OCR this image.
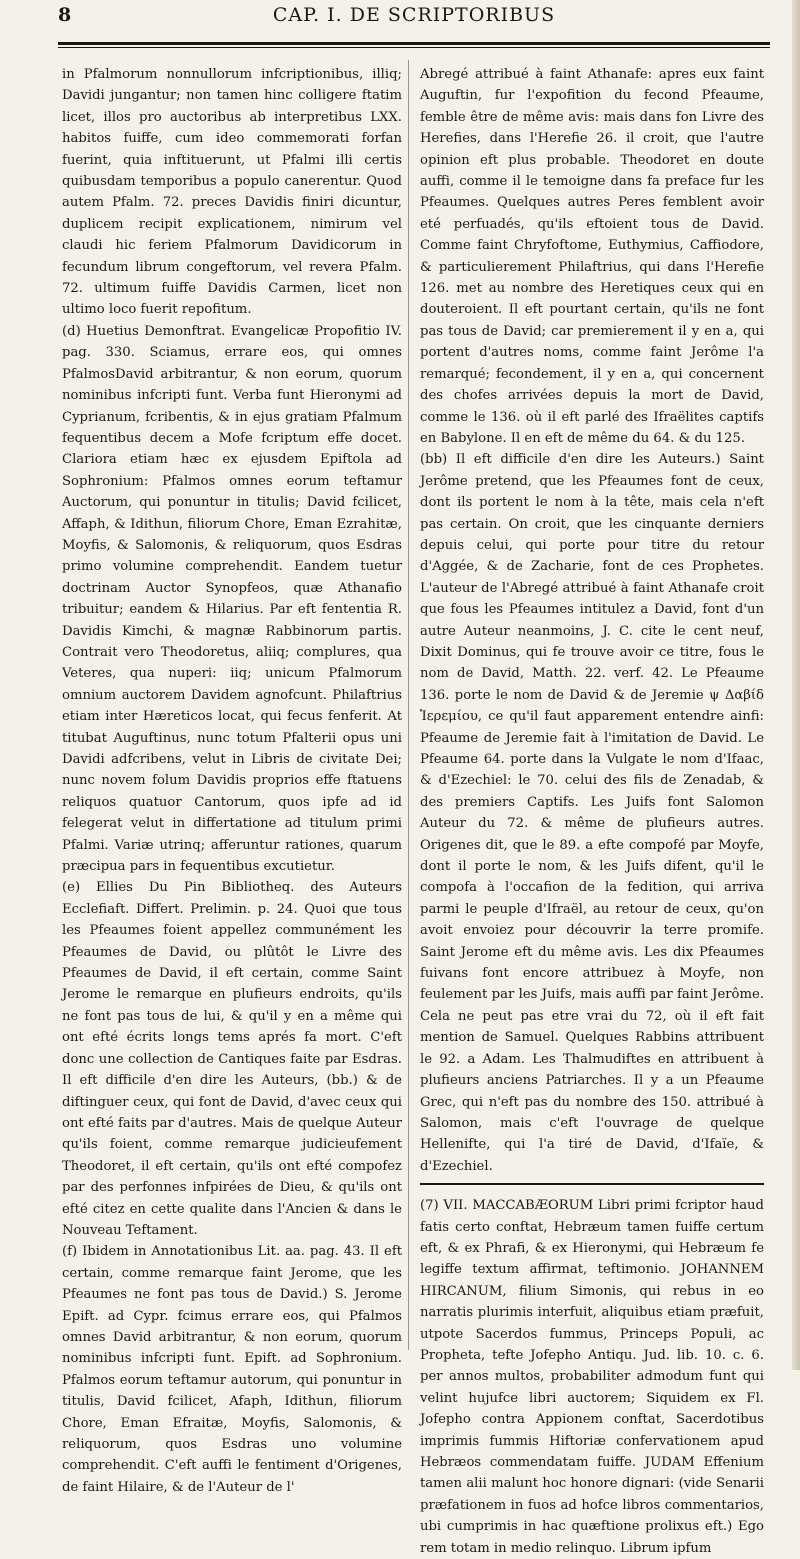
8	CAP. I. DE SCRIPTORIBUS

in Pfalmorum nonnullorum infcriptionibus, illiq; Davidi jungantur; non tamen hinc colligere ftatim licet, illos pro auctoribus ab interpretibus LXX. habitos fuiffe, cum ideo commemorati forfan fuerint, quia inftituerunt, ut Pfalmi illi certis quibusdam temporibus a populo canerentur. Quod autem Pfalm. 72. preces Davidis finiri dicuntur, duplicem recipit explicationem, nimirum vel claudi hic feriem Pfalmorum Davidicorum in fecundum librum congeftorum, vel revera Pfalm. 72. ultimum fuiffe Davidis Carmen, licet non ultimo loco fuerit repofitum.

(d) Huetius Demonftrat. Evangelicæ Propofitio IV. pag. 330. Sciamus, errare eos, qui omnes PfalmosDavid arbitrantur, & non eorum, quorum nominibus infcripti funt. Verba funt Hieronymi ad Cyprianum, fcribentis, & in ejus gratiam Pfalmum fequentibus decem a Mofe fcriptum effe docet. Clariora etiam hæc ex ejusdem Epiftola ad Sophronium: Pfalmos omnes eorum teftamur Auctorum, qui ponuntur in titulis; David fcilicet, Affaph, & Idithun, filiorum Chore, Eman Ezrahitæ, Moyfis, & Salomonis, & reliquorum, quos Esdras primo volumine comprehendit. Eandem tuetur doctrinam Auctor Synopfeos, quæ Athanafio tribuitur; eandem & Hilarius. Par eft fententia R. Davidis Kimchi, & magnæ Rabbinorum partis. Contrait vero Theodoretus, aliiq; complures, qua Veteres, qua nuperi: iiq; unicum Pfalmorum omnium auctorem Davidem agnofcunt. Philaftrius etiam inter Hæreticos locat, qui fecus fenferit. At titubat Auguftinus, nunc totum Pfalterii opus uni Davidi adfcribens, velut in Libris de civitate Dei; nunc novem folum Davidis proprios effe ftatuens reliquos quatuor Cantorum, quos ipfe ad id felegerat velut in differtatione ad titulum primi Pfalmi. Variæ utrinq; afferuntur rationes, quarum præcipua pars in fequentibus excutietur.

(e) Ellies Du Pin Bibliotheq. des Auteurs Ecclefiaft. Differt. Prelimin. p. 24. Quoi que tous les Pfeaumes foient appellez communément les Pfeaumes de David, ou plûtôt le Livre des Pfeaumes de David, il eft certain, comme Saint Jerome le remarque en plufieurs endroits, qu'ils ne font pas tous de lui, & qu'il y en a même qui ont efté écrits longs tems aprés fa mort. C'eft donc une collection de Cantiques faite par Esdras. Il eft difficile d'en dire les Auteurs, (bb.) & de diftinguer ceux, qui font de David, d'avec ceux qui ont efté faits par d'autres. Mais de quelque Auteur qu'ils foient, comme remarque judicieufement Theodoret, il eft certain, qu'ils ont efté compofez par des perfonnes infpirées de Dieu, & qu'ils ont efté citez en cette qualite dans l'Ancien & dans le Nouveau Teftament.

(f) Ibidem in Annotationibus Lit. aa. pag. 43. Il eft certain, comme remarque faint Jerome, que les Pfeaumes ne font pas tous de David.) S. Jerome Epift. ad Cypr. fcimus errare eos, qui Pfalmos omnes David arbitrantur, & non eorum, quorum nominibus infcripti funt. Epift. ad Sophronium. Pfalmos eorum teftamur autorum, qui ponuntur in titulis, David fcilicet, Afaph, Idithun, filiorum Chore, Eman Efraitæ, Moyfis, Salomonis, & reliquorum, quos Esdras uno volumine comprehendit. C'eft auffi le fentiment d'Origenes, de faint Hilaire, & de l'Auteur de l'

Abregé attribué à faint Athanafe: apres eux faint Auguftin, fur l'expofition du fecond Pfeaume, femble être de même avis: mais dans fon Livre des Herefies, dans l'Herefie 26. il croit, que l'autre opinion eft plus probable. Theodoret en doute auffi, comme il le temoigne dans fa preface fur les Pfeaumes. Quelques autres Peres femblent avoir eté perfuadés, qu'ils eftoient tous de David. Comme faint Chryfoftome, Euthymius, Caffiodore, & particulierement Philaftrius, qui dans l'Herefie 126. met au nombre des Heretiques ceux qui en douteroient. Il eft pourtant certain, qu'ils ne font pas tous de David; car premierement il y en a, qui portent d'autres noms, comme faint Jerôme l'a remarqué; fecondement, il y en a, qui concernent des chofes arrivées depuis la mort de David, comme le 136. où il eft parlé des Ifraëlites captifs en Babylone. Il en eft de même du 64. & du 125.

(bb) Il eft difficile d'en dire les Auteurs.) Saint Jerôme pretend, que les Pfeaumes font de ceux, dont ils portent le nom à la tête, mais cela n'eft pas certain. On croit, que les cinquante derniers depuis celui, qui porte pour titre du retour d'Aggée, & de Zacharie, font de ces Prophetes. L'auteur de l'Abregé attribué à faint Athanafe croit que fous les Pfeaumes intitulez a David, font d'un autre Auteur neanmoins, J. C. cite le cent neuf, Dixit Dominus, qui fe trouve avoir ce titre, fous le nom de David, Matth. 22. verf. 42. Le Pfeaume 136. porte le nom de David & de Jeremie ψ Δαβίδ Ἱερεμίου, ce qu'il faut apparement entendre ainfi: Pfeaume de Jeremie fait à l'imitation de David. Le Pfeaume 64. porte dans la Vulgate le nom d'Ifaac, & d'Ezechiel: le 70. celui des fils de Zenadab, & des premiers Captifs. Les Juifs font Salomon Auteur du 72. & même de plufieurs autres. Origenes dit, que le 89. a efte compofé par Moyfe, dont il porte le nom, & les Juifs difent, qu'il le compofa à l'occafion de la fedition, qui arriva parmi le peuple d'Ifraël, au retour de ceux, qu'on avoit envoiez pour découvrir la terre promife. Saint Jerome eft du même avis. Les dix Pfeaumes fuivans font encore attribuez à Moyfe, non feulement par les Juifs, mais auffi par faint Jerôme. Cela ne peut pas etre vrai du 72, où il eft fait mention de Samuel. Quelques Rabbins attribuent le 92. a Adam. Les Thalmudiftes en attribuent à plufieurs anciens Patriarches. Il y a un Pfeaume Grec, qui n'eft pas du nombre des 150. attribué à Salomon, mais c'eft l'ouvrage de quelque Hellenifte, qui l'a tiré de David, d'Ifaïe, & d'Ezechiel.

(7) VII. MACCABÆORUM Libri primi fcriptor haud fatis certo conftat, Hebræum tamen fuiffe certum eft, & ex Phrafi, & ex Hieronymi, qui Hebræum fe legiffe textum affirmat, teftimonio. JOHANNEM HIRCANUM, filium Simonis, qui rebus in eo narratis plurimis interfuit, aliquibus etiam præfuit, utpote Sacerdos fummus, Princeps Populi, ac Propheta, tefte Jofepho Antiqu. Jud. lib. 10. c. 6. per annos multos, probabiliter admodum funt qui velint hujufce libri auctorem; Siquidem ex Fl. Jofepho contra Appionem conftat, Sacerdotibus imprimis fummis Hiftoriæ confervationem apud Hebræos commendatam fuiffe. JUDAM Effenium tamen alii malunt hoc honore dignari: (vide Senarii præfationem in fuos ad hofce libros commentarios, ubi cumprimis in hac quæftione prolixus eft.) Ego rem totam in medio relinquo. Librum ipfum
